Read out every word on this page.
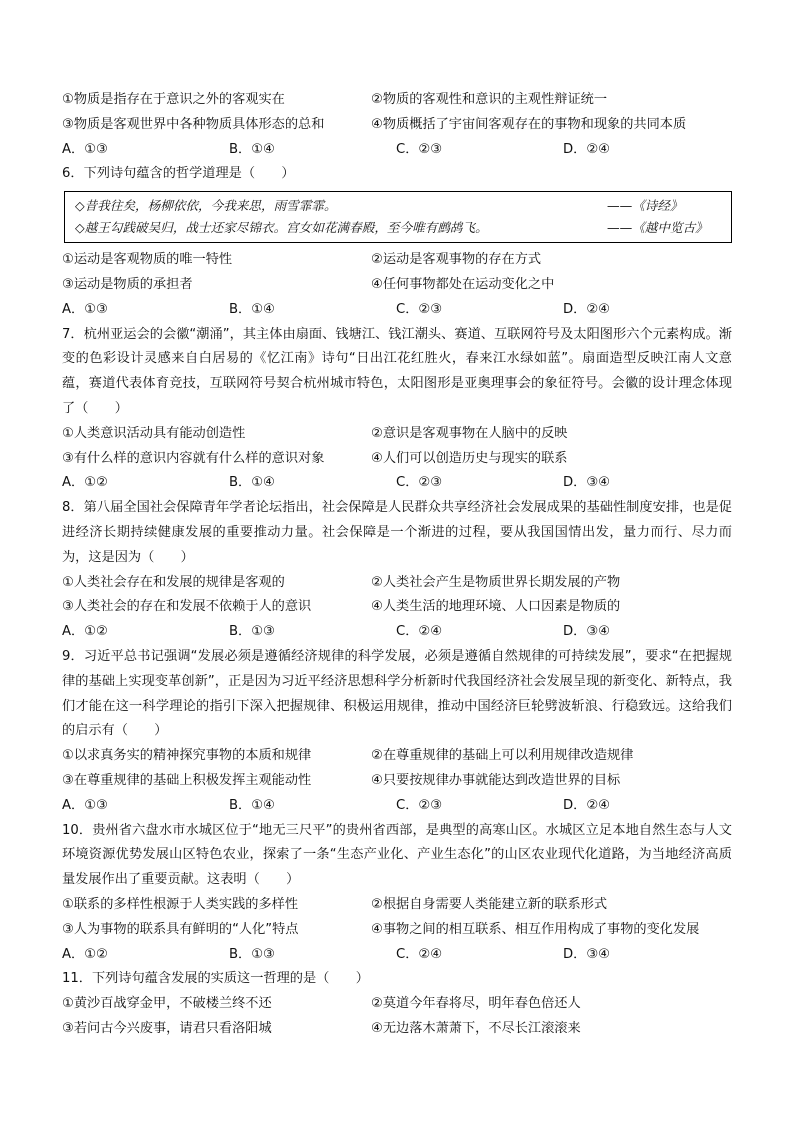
①物质是指存在于意识之外的客观实在	②物质的客观性和意识的主观性辩证统一
③物质是客观世界中各种物质具体形态的总和	④物质概括了宇宙间客观存在的事物和现象的共同本质
A．①③	B．①④	C．②③	D．②④
6．下列诗句蕴含的哲学道理是（　　）
◇昔我往矣，杨柳依依，今我来思，雨雪霏霏。	——《诗经》
◇越王勾践破吴归，战士还家尽锦衣。宫女如花满春殿，至今唯有鹧鸪飞。	——《越中览古》
①运动是客观物质的唯一特性	②运动是客观事物的存在方式
③运动是物质的承担者	④任何事物都处在运动变化之中
A．①③	B．①④	C．②③	D．②④
7．杭州亚运会的会徽“潮涌”，其主体由扇面、钱塘江、钱江潮头、赛道、互联网符号及太阳图形六个元素构成。渐变的色彩设计灵感来自白居易的《忆江南》诗句“日出江花红胜火，春来江水绿如蓝”。扇面造型反映江南人文意蕴，赛道代表体育竞技，互联网符号契合杭州城市特色，太阳图形是亚奥理事会的象征符号。会徽的设计理念体现了（　　）
①人类意识活动具有能动创造性	②意识是客观事物在人脑中的反映
③有什么样的意识内容就有什么样的意识对象	④人们可以创造历史与现实的联系
A．①②	B．①④	C．②③	D．③④
8．第八届全国社会保障青年学者论坛指出，社会保障是人民群众共享经济社会发展成果的基础性制度安排，也是促进经济长期持续健康发展的重要推动力量。社会保障是一个渐进的过程，要从我国国情出发，量力而行、尽力而为，这是因为（　　）
①人类社会存在和发展的规律是客观的	②人类社会产生是物质世界长期发展的产物
③人类社会的存在和发展不依赖于人的意识	④人类生活的地理环境、人口因素是物质的
A．①②	B．①③	C．②④	D．③④
9．习近平总书记强调“发展必须是遵循经济规律的科学发展，必须是遵循自然规律的可持续发展”，要求“在把握规律的基础上实现变革创新”，正是因为习近平经济思想科学分析新时代我国经济社会发展呈现的新变化、新特点，我们才能在这一科学理论的指引下深入把握规律、积极运用规律，推动中国经济巨轮劈波斩浪、行稳致远。这给我们的启示有（　　）
①以求真务实的精神探究事物的本质和规律	②在尊重规律的基础上可以利用规律改造规律
③在尊重规律的基础上积极发挥主观能动性	④只要按规律办事就能达到改造世界的目标
A．①③	B．①④	C．②③	D．②④
10．贵州省六盘水市水城区位于“地无三尺平”的贵州省西部，是典型的高寒山区。水城区立足本地自然生态与人文环境资源优势发展山区特色农业，探索了一条“生态产业化、产业生态化”的山区农业现代化道路，为当地经济高质量发展作出了重要贡献。这表明（　　）
①联系的多样性根源于人类实践的多样性	②根据自身需要人类能建立新的联系形式
③人为事物的联系具有鲜明的“人化”特点	④事物之间的相互联系、相互作用构成了事物的变化发展
A．①②	B．①③	C．②④	D．③④
11．下列诗句蕴含发展的实质这一哲理的是（　　）
①黄沙百战穿金甲，不破楼兰终不还	②莫道今年春将尽，明年春色倍还人
③若问古今兴废事，请君只看洛阳城	④无边落木萧萧下，不尽长江滚滚来
